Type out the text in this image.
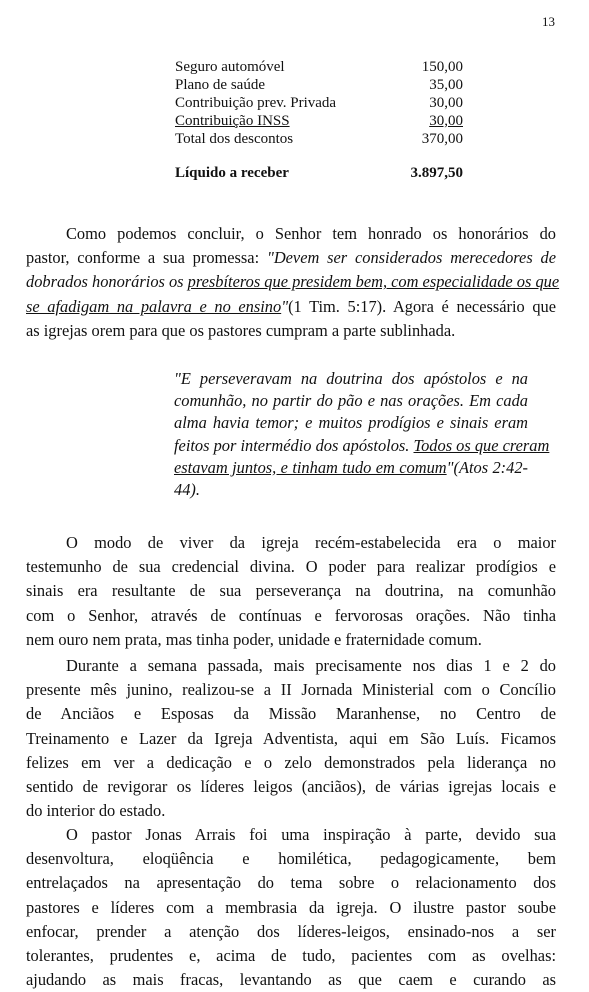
13
Seguro automóvel	150,00
Plano de saúde	35,00
Contribuição prev. Privada	30,00
Contribuição INSS	30,00
Total dos descontos	370,00
Líquido a receber	3.897,50

Como podemos concluir, o Senhor tem honrado os honorários do
pastor, conforme a sua promessa: "Devem ser considerados merecedores de
dobrados honorários os presbíteros que presidem bem, com especialidade os que
se afadigam na palavra e no ensino"(1 Tim. 5:17). Agora é necessário que
as igrejas orem para que os pastores cumpram a parte sublinhada.

"E perseveravam na doutrina dos apóstolos e na
comunhão, no partir do pão e nas orações. Em cada
alma havia temor; e muitos prodígios e sinais eram
feitos por intermédio dos apóstolos. Todos os que creram
estavam juntos, e tinham tudo em comum"(Atos 2:42-
44).

O modo de viver da igreja recém-estabelecida era o maior
testemunho de sua credencial divina. O poder para realizar prodígios e
sinais era resultante de sua perseverança na doutrina, na comunhão
com o Senhor, através de contínuas e fervorosas orações. Não tinha
nem ouro nem prata, mas tinha poder, unidade e fraternidade comum.

Durante a semana passada, mais precisamente nos dias 1 e 2 do
presente mês junino, realizou-se a II Jornada Ministerial com o Concílio
de Anciãos e Esposas da Missão Maranhense, no Centro de
Treinamento e Lazer da Igreja Adventista, aqui em São Luís. Ficamos
felizes em ver a dedicação e o zelo demonstrados pela liderança no
sentido de revigorar os líderes leigos (anciãos), de várias igrejas locais e
do interior do estado.

O pastor Jonas Arrais foi uma inspiração à parte, devido sua
desenvoltura, eloqüência e homilética, pedagogicamente, bem
entrelaçados na apresentação do tema sobre o relacionamento dos
pastores e líderes com a membrasia da igreja. O ilustre pastor soube
enfocar, prender a atenção dos líderes-leigos, ensinado-nos a ser
tolerantes, prudentes e, acima de tudo, pacientes com as ovelhas:
ajudando as mais fracas, levantando as que caem e curando as
